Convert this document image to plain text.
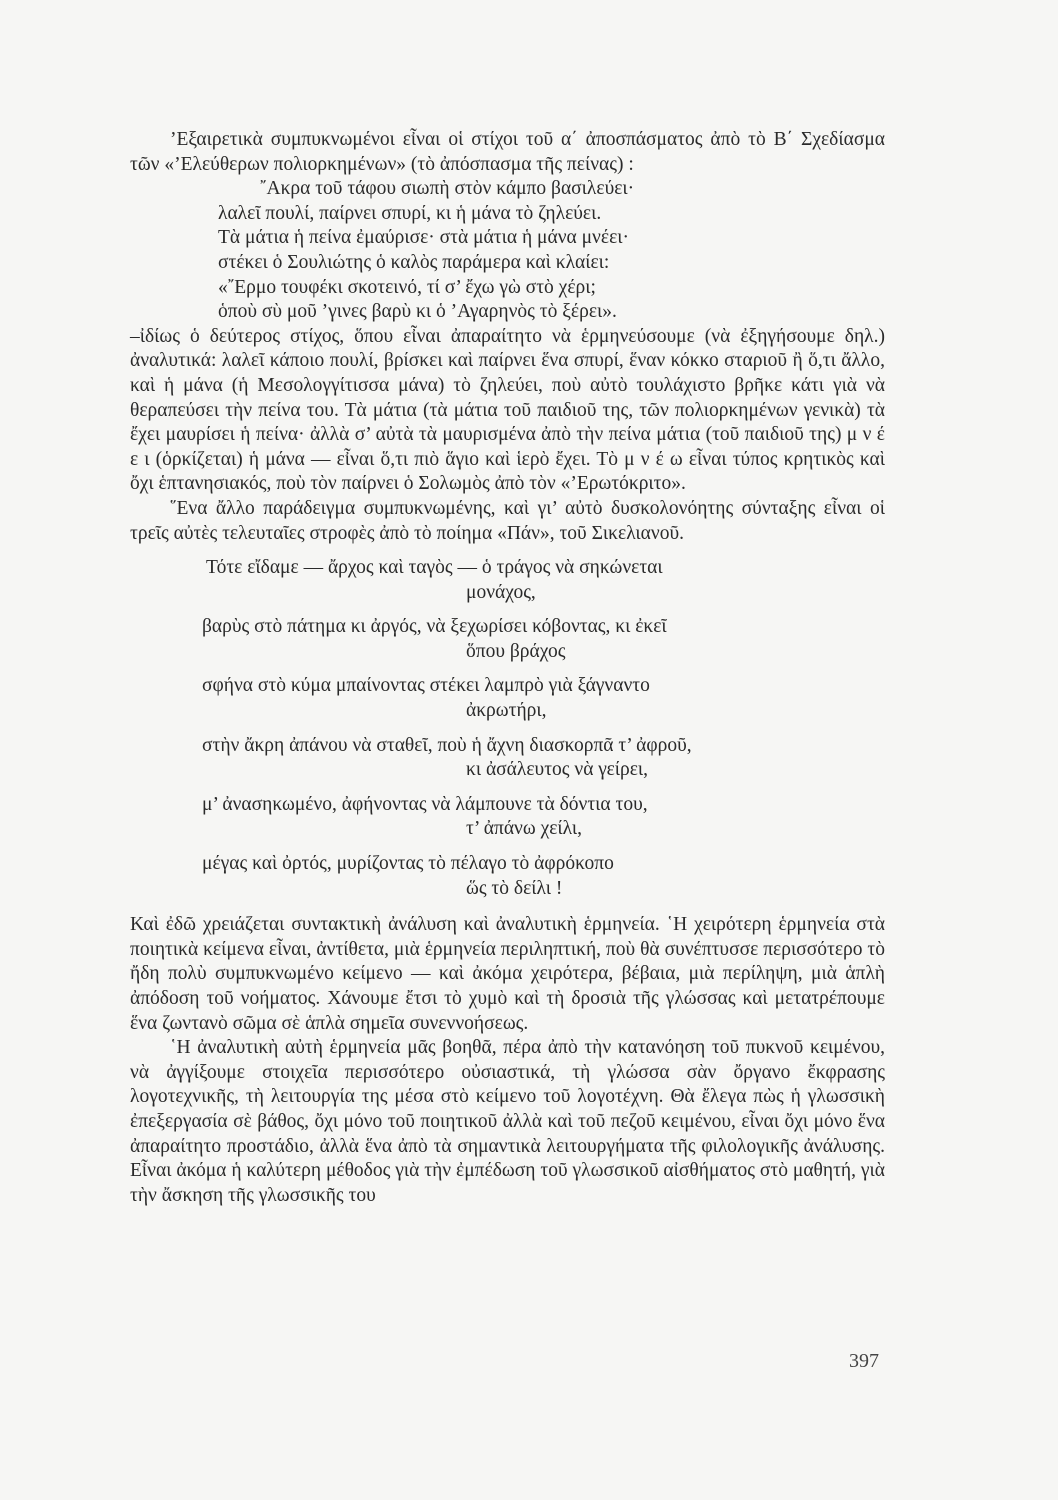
’Εξαιρετικὰ συμπυκνωμένοι εἶναι οἱ στίχοι τοῦ α΄ ἀποσπάσματος ἀπὸ τὸ Β΄ Σχεδίασμα τῶν «’Ελεύθερων πολιορκημένων» (τὸ ἀπόσπασμα τῆς πείνας) :

῎Ακρα τοῦ τάφου σιωπὴ στὸν κάμπο βασιλεύει·
λαλεῖ πουλί, παίρνει σπυρί, κι ἡ μάνα τὸ ζηλεύει.
Τὰ μάτια ἡ πείνα ἐμαύρισε· στὰ μάτια ἡ μάνα μνέει·
στέκει ὁ Σουλιώτης ὁ καλὸς παράμερα καὶ κλαίει:
«῎Ερμο τουφέκι σκοτεινό, τί σ’ ἔχω γὼ στὸ χέρι;
ὁποὺ σὺ μοῦ ’γινες βαρὺ κι ὁ ’Αγαρηνὸς τὸ ξέρει».

–ἰδίως ὁ δεύτερος στίχος, ὅπου εἶναι ἀπαραίτητο νὰ ἑρμηνεύσουμε (νὰ ἐξηγήσουμε δηλ.) ἀναλυτικά: λαλεῖ κάποιο πουλί, βρίσκει καὶ παίρνει ἕνα σπυρί, ἕναν κόκκο σταριοῦ ἢ ὅ,τι ἄλλο, καὶ ἡ μάνα (ἡ Μεσολογγίτισσα μάνα) τὸ ζηλεύει, ποὺ αὐτὸ τουλάχιστο βρῆκε κάτι γιὰ νὰ θεραπεύσει τὴν πείνα του. Τὰ μάτια (τὰ μάτια τοῦ παιδιοῦ της, τῶν πολιορκημένων γενικὰ) τὰ ἔχει μαυρίσει ἡ πείνα· ἀλλὰ σ’ αὐτὰ τὰ μαυρισμένα ἀπὸ τὴν πείνα μάτια (τοῦ παιδιοῦ της) μ ν έ ε ι (ὁρκίζεται) ἡ μάνα — εἶναι ὅ,τι πιὸ ἅγιο καὶ ἱερὸ ἔχει. Τὸ μ ν έ ω εἶναι τύπος κρητικὸς καὶ ὄχι ἑπτανησιακός, ποὺ τὸν παίρνει ὁ Σολωμὸς ἀπὸ τὸν «’Ερωτόκριτο».

῞Ενα ἄλλο παράδειγμα συμπυκνωμένης, καὶ γι’ αὐτὸ δυσκολονόητης σύνταξης εἶναι οἱ τρεῖς αὐτὲς τελευταῖες στροφὲς ἀπὸ τὸ ποίημα «Πάν», τοῦ Σικελιανοῦ.

Τότε εἴδαμε — ἄρχος καὶ ταγὸς — ὁ τράγος νὰ σηκώνεται
μονάχος,
βαρὺς στὸ πάτημα κι ἀργός, νὰ ξεχωρίσει κόβοντας, κι ἐκεῖ
ὅπου βράχος
σφήνα στὸ κύμα μπαίνοντας στέκει λαμπρὸ γιὰ ξάγναντο
ἀκρωτήρι,
στὴν ἄκρη ἀπάνου νὰ σταθεῖ, ποὺ ἡ ἄχνη διασκορπᾶ τ’ ἀφροῦ,
κι ἀσάλευτος νὰ γείρει,
μ’ ἀνασηκωμένο, ἀφήνοντας νὰ λάμπουνε τὰ δόντια του,
τ’ ἀπάνω χείλι,
μέγας καὶ ὀρτός, μυρίζοντας τὸ πέλαγο τὸ ἀφρόκοπο
ὥς τὸ δείλι !

Καὶ ἐδῶ χρειάζεται συντακτικὴ ἀνάλυση καὶ ἀναλυτικὴ ἑρμηνεία. ῾Η χειρότερη ἑρμηνεία στὰ ποιητικὰ κείμενα εἶναι, ἀντίθετα, μιὰ ἑρμηνεία περιληπτική, ποὺ θὰ συνέπτυσσε περισσότερο τὸ ἤδη πολὺ συμπυκνωμένο κείμενο — καὶ ἀκόμα χειρότερα, βέβαια, μιὰ περίληψη, μιὰ ἁπλὴ ἀπόδοση τοῦ νοήματος. Χάνουμε ἔτσι τὸ χυμὸ καὶ τὴ δροσιὰ τῆς γλώσσας καὶ μετατρέπουμε ἕνα ζωντανὸ σῶμα σὲ ἁπλὰ σημεῖα συνεννοήσεως.

῾Η ἀναλυτικὴ αὐτὴ ἑρμηνεία μᾶς βοηθᾶ, πέρα ἀπὸ τὴν κατανόηση τοῦ πυκνοῦ κειμένου, νὰ ἀγγίξουμε στοιχεῖα περισσότερο οὐσιαστικά, τὴ γλώσσα σὰν ὄργανο ἔκφρασης λογοτεχνικῆς, τὴ λειτουργία της μέσα στὸ κείμενο τοῦ λογοτέχνη. Θὰ ἔλεγα πὼς ἡ γλωσσικὴ ἐπεξεργασία σὲ βάθος, ὄχι μόνο τοῦ ποιητικοῦ ἀλλὰ καὶ τοῦ πεζοῦ κειμένου, εἶναι ὄχι μόνο ἕνα ἀπαραίτητο προστάδιο, ἀλλὰ ἕνα ἀπὸ τὰ σημαντικὰ λειτουργήματα τῆς φιλολογικῆς ἀνάλυσης. Εἶναι ἀκόμα ἡ καλύτερη μέθοδος γιὰ τὴν ἐμπέδωση τοῦ γλωσσικοῦ αἰσθήματος στὸ μαθητή, γιὰ τὴν ἄσκηση τῆς γλωσσικῆς του

397
